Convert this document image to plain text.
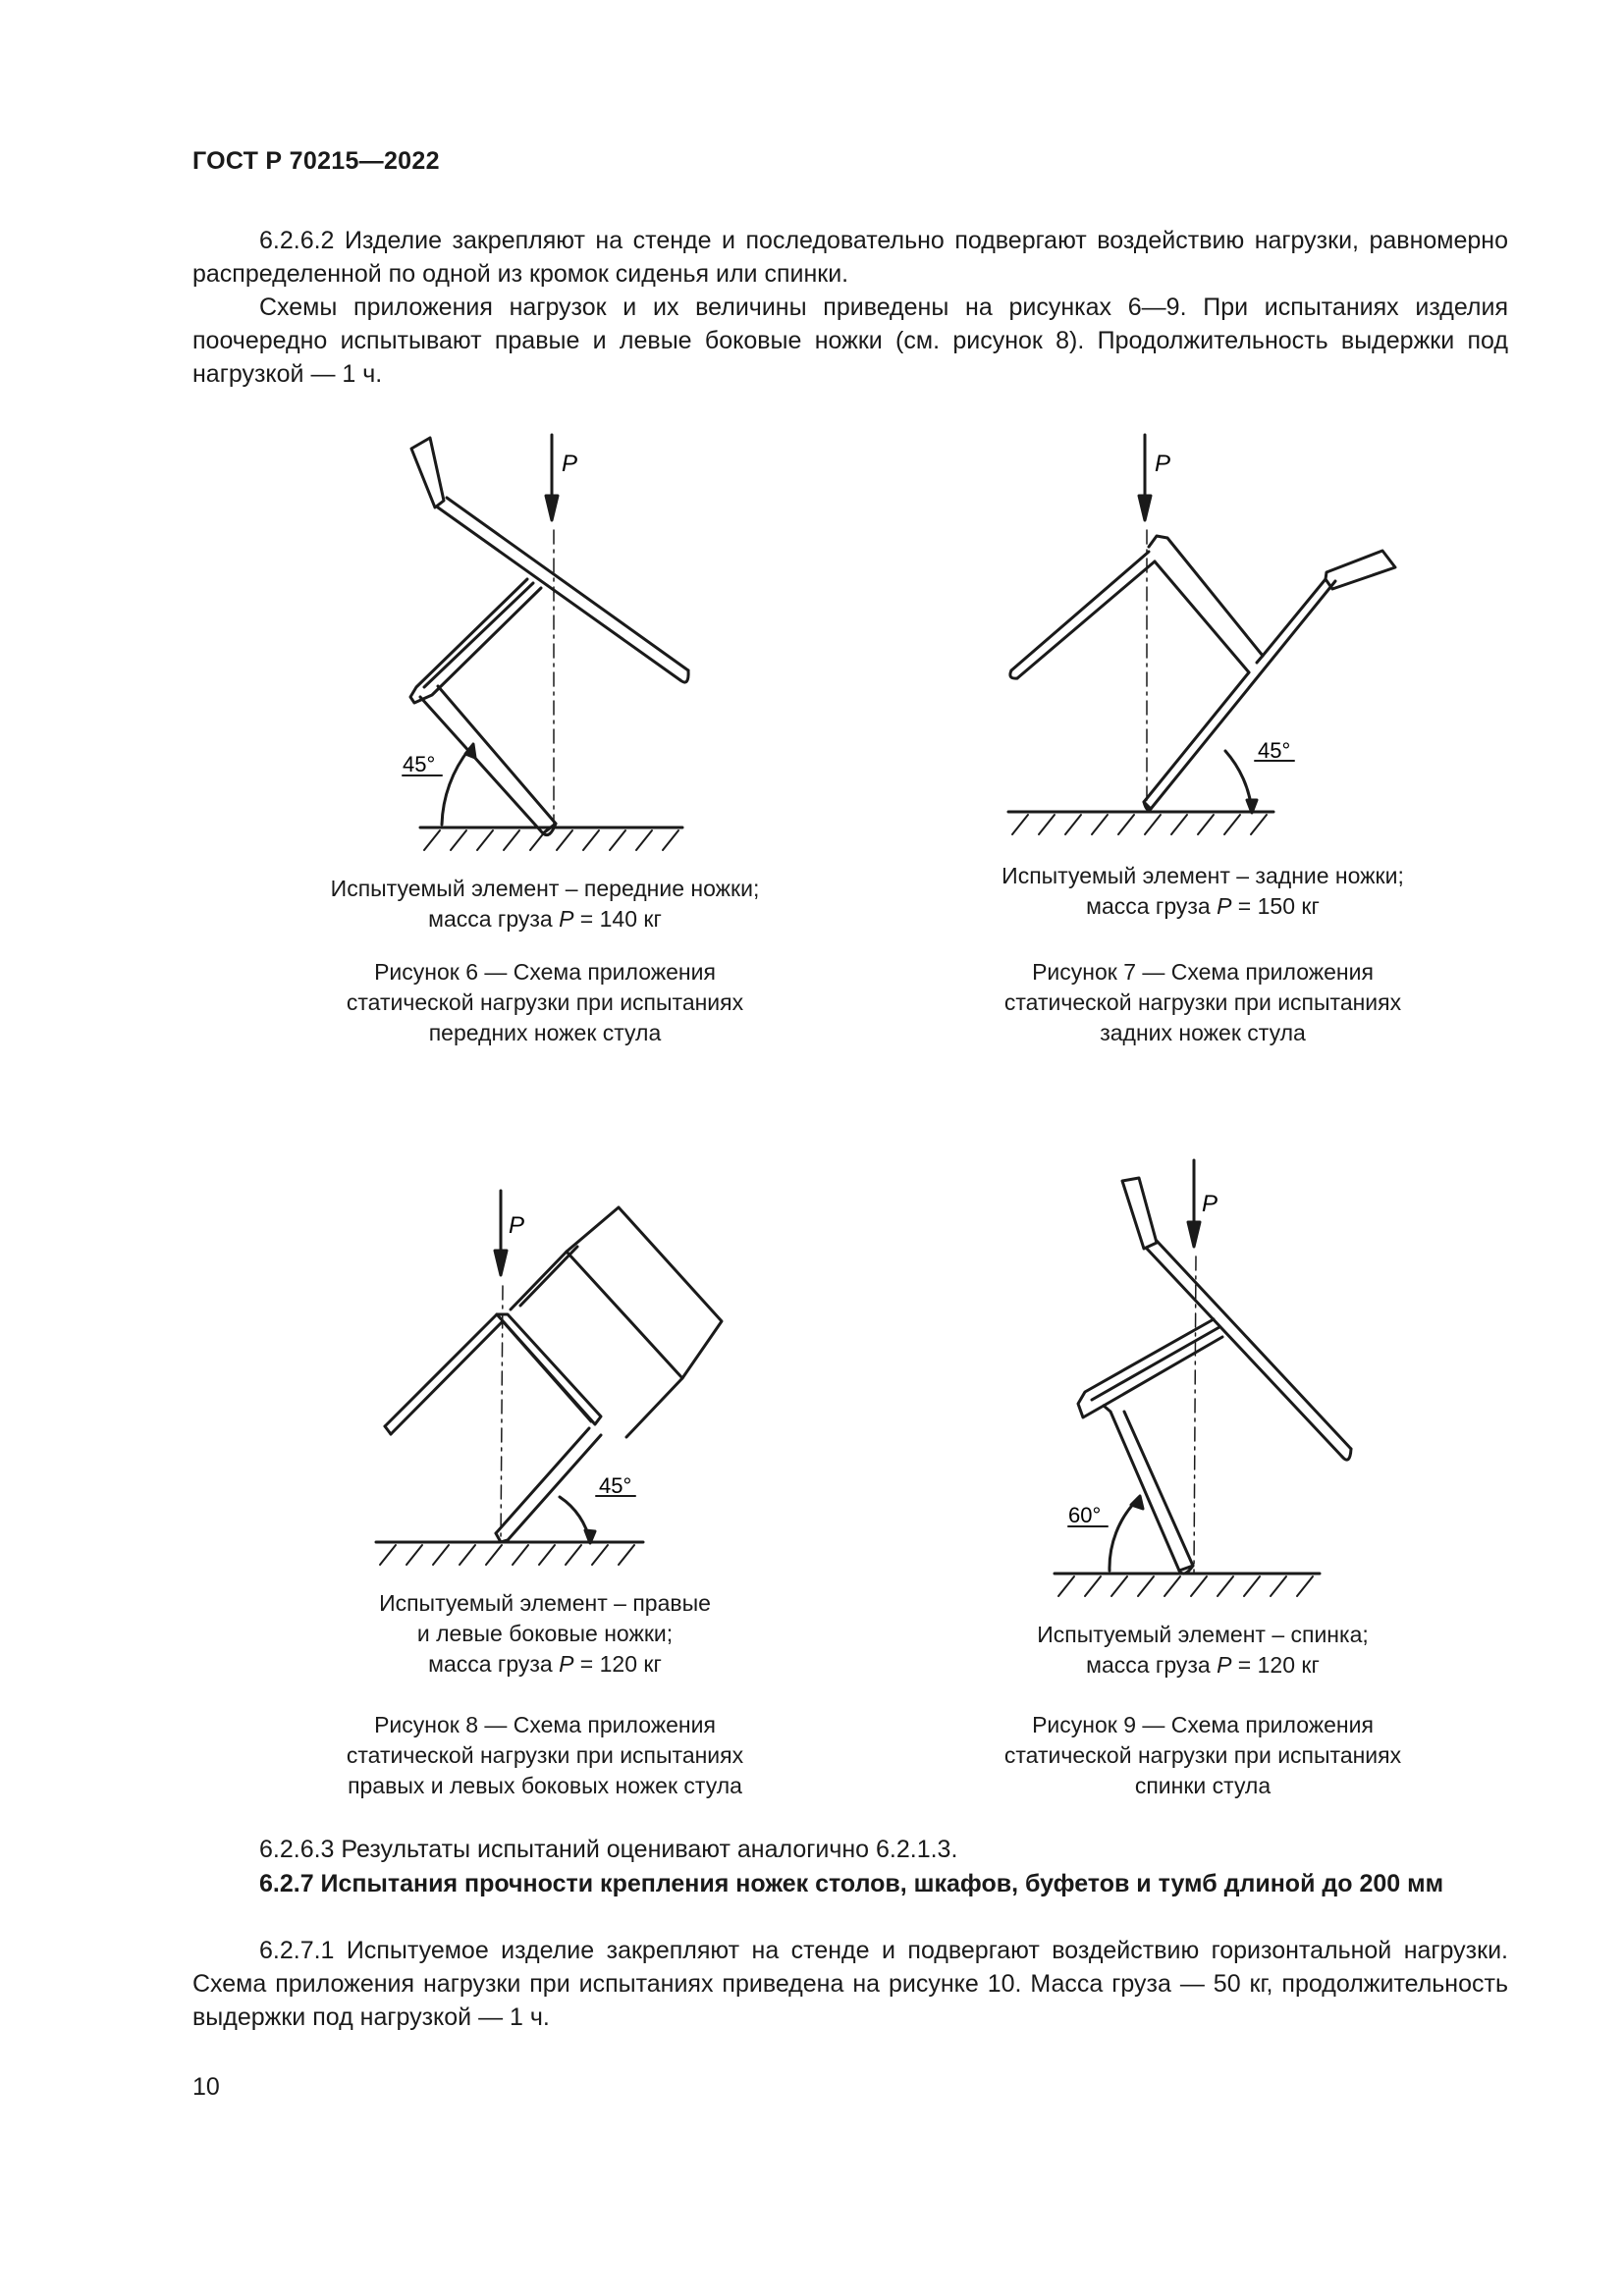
ГОСТ Р 70215—2022
6.2.6.2 Изделие закрепляют на стенде и последовательно подвергают воздействию нагрузки, равномерно распределенной по одной из кромок сиденья или спинки.
Схемы приложения нагрузок и их величины приведены на рисунках 6—9. При испытаниях изделия поочередно испытывают правые и левые боковые ножки (см. рисунок 8). Продолжительность выдержки под нагрузкой — 1 ч.
P
45°
Испытуемый элемент – передние ножки;
масса груза P = 140 кг
Рисунок 6 — Схема приложения
статической нагрузки при испытаниях
передних ножек стула
P
45°
Испытуемый элемент – задние ножки;
масса груза P = 150 кг
Рисунок 7 — Схема приложения
статической нагрузки при испытаниях
задних ножек стула
P
45°
Испытуемый элемент – правые
и левые боковые ножки;
масса груза P = 120 кг
Рисунок 8 — Схема приложения
статической нагрузки при испытаниях
правых и левых боковых ножек стула
P
60°
Испытуемый элемент – спинка;
масса груза P = 120 кг
Рисунок 9 — Схема приложения
статической нагрузки при испытаниях
спинки стула
6.2.6.3 Результаты испытаний оценивают аналогично 6.2.1.3.
6.2.7 Испытания прочности крепления ножек столов, шкафов, буфетов и тумб длиной до 200 мм
6.2.7.1 Испытуемое изделие закрепляют на стенде и подвергают воздействию горизонтальной нагрузки. Схема приложения нагрузки при испытаниях приведена на рисунке 10. Масса груза — 50 кг, продолжительность выдержки под нагрузкой — 1 ч.
10
